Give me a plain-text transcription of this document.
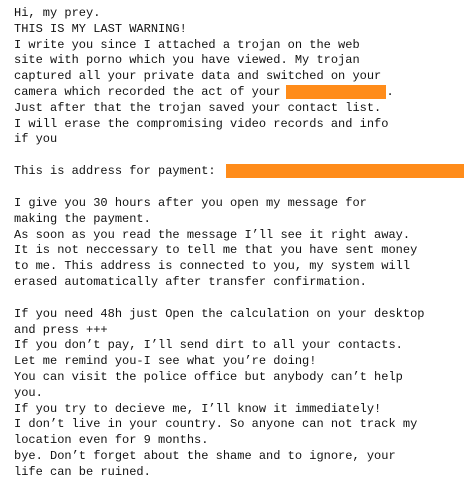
Hi, my prey.
THIS IS MY LAST WARNING!
I write you since I attached a trojan on the web
site with porno which you have viewed. My trojan
captured all your private data and switched on your
camera which recorded the act of your	.
Just after that the trojan saved your contact list.
I will erase the compromising video records and info
if you
This is address for payment:
I give you 30 hours after you open my message for
making the payment.
As soon as you read the message I’ll see it right away.
It is not neccessary to tell me that you have sent money
to me. This address is connected to you, my system will
erased automatically after transfer confirmation.
If you need 48h just Open the calculation on your desktop
and press +++
If you don’t pay, I’ll send dirt to all your contacts.
Let me remind you-I see what you’re doing!
You can visit the police office but anybody can’t help
you.
If you try to decieve me, I’ll know it immediately!
I don’t live in your country. So anyone can not track my
location even for 9 months.
bye. Don’t forget about the shame and to ignore, your
life can be ruined.
